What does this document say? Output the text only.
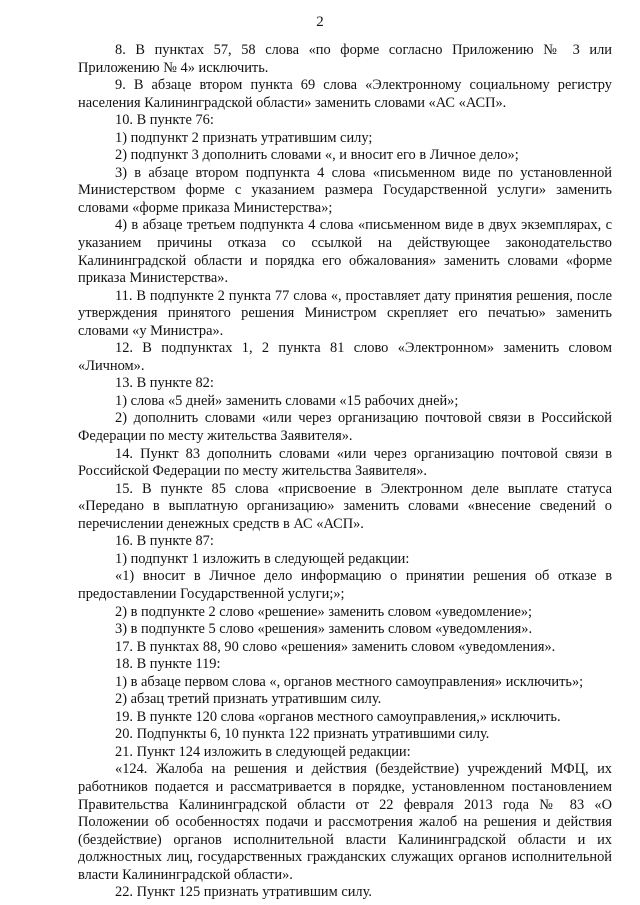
2

8. В пунктах 57, 58 слова «по форме согласно Приложению № 3 или Приложению № 4» исключить.

9. В абзаце втором пункта 69 слова «Электронному социальному регистру населения Калининградской области» заменить словами «АС «АСП».

10. В пункте 76:

1) подпункт 2 признать утратившим силу;

2) подпункт 3 дополнить словами «, и вносит его в Личное дело»;

3) в абзаце втором подпункта 4 слова «письменном виде по установленной Министерством форме с указанием размера Государственной услуги» заменить словами «форме приказа Министерства»;

4) в абзаце третьем подпункта 4 слова «письменном виде в двух экземплярах, с указанием причины отказа со ссылкой на действующее законодательство Калининградской области и порядка его обжалования» заменить словами «форме приказа Министерства».

11. В подпункте 2 пункта 77 слова «, проставляет дату принятия решения, после утверждения принятого решения Министром скрепляет его печатью» заменить словами «у Министра».

12. В подпунктах 1, 2 пункта 81 слово «Электронном» заменить словом «Личном».

13. В пункте 82:

1) слова «5 дней» заменить словами «15 рабочих дней»;

2) дополнить словами «или через организацию почтовой связи в Российской Федерации по месту жительства Заявителя».

14. Пункт 83 дополнить словами «или через организацию почтовой связи в Российской Федерации по месту жительства Заявителя».

15. В пункте 85 слова «присвоение в Электронном деле выплате статуса «Передано в выплатную организацию» заменить словами «внесение сведений о перечислении денежных средств в АС «АСП».

16. В пункте 87:

1) подпункт 1 изложить в следующей редакции:

«1) вносит в Личное дело информацию о принятии решения об отказе в предоставлении Государственной услуги;»;

2) в подпункте 2 слово «решение» заменить словом «уведомление»;

3) в подпункте 5 слово «решения» заменить словом «уведомления».

17. В пунктах 88, 90 слово «решения» заменить словом «уведомления».

18. В пункте 119:

1) в абзаце первом слова «, органов местного самоуправления» исключить»;

2) абзац третий признать утратившим силу.

19. В пункте 120 слова «органов местного самоуправления,» исключить.

20. Подпункты 6, 10 пункта 122 признать утратившими силу.

21. Пункт 124 изложить в следующей редакции:

«124. Жалоба на решения и действия (бездействие) учреждений МФЦ, их работников подается и рассматривается в порядке, установленном постановлением Правительства Калининградской области от 22 февраля 2013 года № 83 «О Положении об особенностях подачи и рассмотрения жалоб на решения и действия (бездействие) органов исполнительной власти Калининградской области и их должностных лиц, государственных гражданских служащих органов исполнительной власти Калининградской области».

22. Пункт 125 признать утратившим силу.
